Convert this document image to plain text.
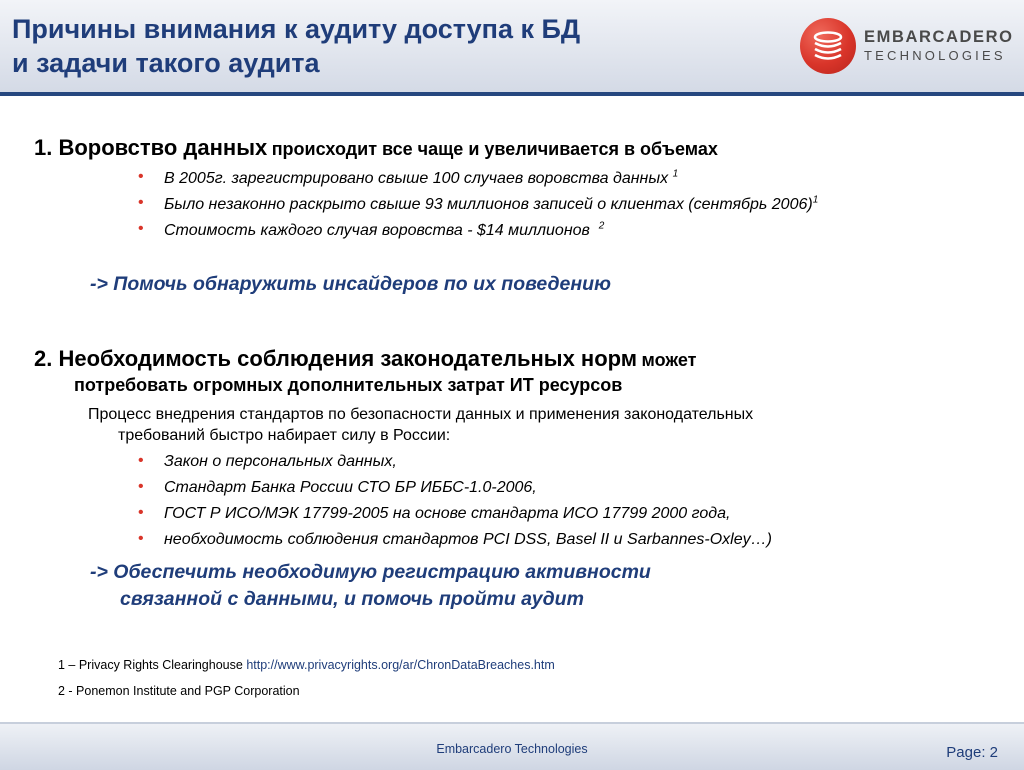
Причины внимания к аудиту доступа к БД
и задачи такого аудита
EMBARCADERO
TECHNOLOGIES
1. Воровство данных происходит все чаще и увеличивается в объемах
• В 2005г. зарегистрировано свыше 100 случаев воровства данных $^1$
• Было незаконно раскрыто свыше 93 миллионов записей о клиентах (сентябрь 2006)$^1$
• Стоимость каждого случая воровства - $14 миллионов $^2$
-> Помочь обнаружить инсайдеров по их поведению
2. Необходимость соблюдения законодательных норм может
потребовать огромных дополнительных затрат ИТ ресурсов
Процесс внедрения стандартов по безопасности данных и применения законодательных
требований быстро набирает силу в России:
• Закон о персональных данных,
• Стандарт Банка России СТО БР ИББС-1.0-2006,
• ГОСТ Р ИСО/МЭК 17799-2005 на основе стандарта ИСО 17799 2000 года,
• необходимость соблюдения стандартов PCI DSS, Basel II и Sarbannes-Oxley…)
-> Обеспечить необходимую регистрацию активности
связанной с данными, и помочь пройти аудит
1 – Privacy Rights Clearinghouse http://www.privacyrights.org/ar/ChronDataBreaches.htm
2 - Ponemon Institute and PGP Corporation
Embarcadero Technologies	Page: 2
